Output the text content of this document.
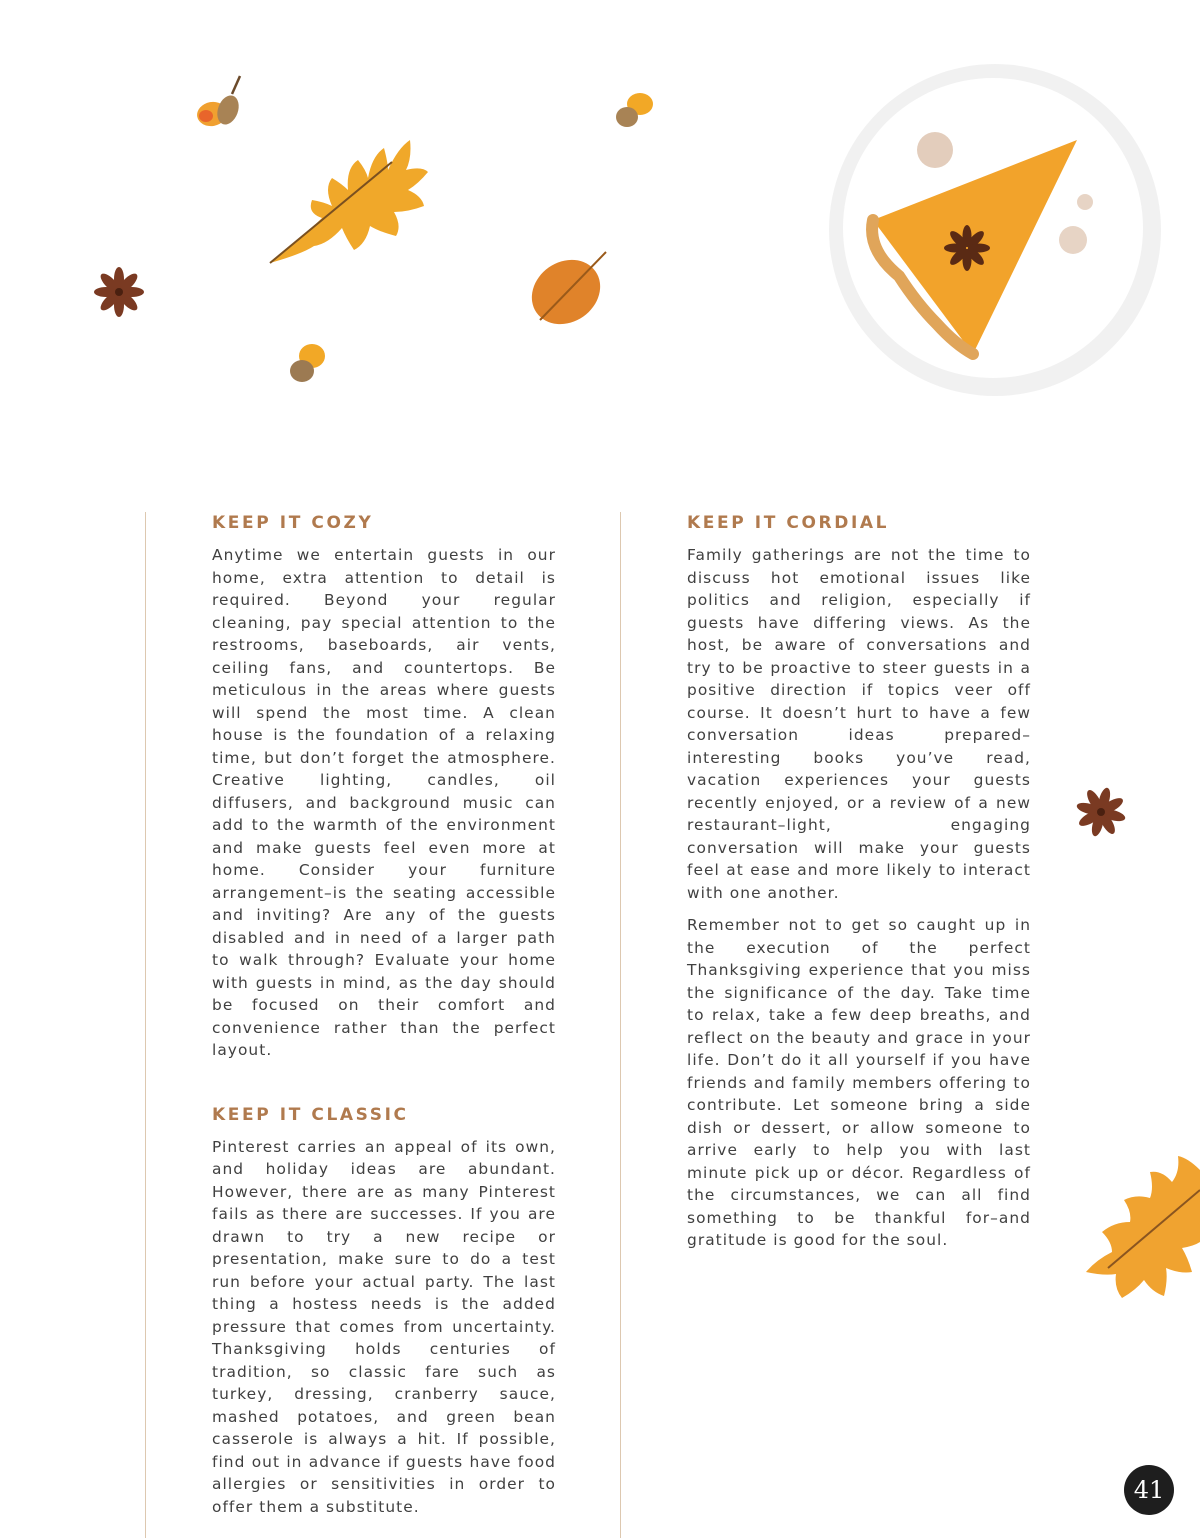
KEEP IT COZY

Anytime we entertain guests in our home, extra attention to detail is required. Beyond your regular cleaning, pay special attention to the restrooms, baseboards, air vents, ceiling fans, and countertops. Be meticulous in the areas where guests will spend the most time. A clean house is the foundation of a relaxing time, but don’t forget the atmosphere. Creative lighting, candles, oil diffusers, and background music can add to the warmth of the environment and make guests feel even more at home. Consider your furniture arrangement–is the seating accessible and inviting? Are any of the guests disabled and in need of a larger path to walk through? Evaluate your home with guests in mind, as the day should be focused on their comfort and convenience rather than the perfect layout.

KEEP IT CLASSIC

Pinterest carries an appeal of its own, and holiday ideas are abundant. However, there are as many Pinterest fails as there are successes. If you are drawn to try a new recipe or presentation, make sure to do a test run before your actual party. The last thing a hostess needs is the added pressure that comes from uncertainty. Thanksgiving holds centuries of tradition, so classic fare such as turkey, dressing, cranberry sauce, mashed potatoes, and green bean casserole is always a hit. If possible, find out in advance if guests have food allergies or sensitivities in order to offer them a substitute.

KEEP IT CORDIAL

Family gatherings are not the time to discuss hot emotional issues like politics and religion, especially if guests have differing views. As the host, be aware of conversations and try to be proactive to steer guests in a positive direction if topics veer off course. It doesn’t hurt to have a few conversation ideas prepared–interesting books you’ve read, vacation experiences your guests recently enjoyed, or a review of a new restaurant–light, engaging conversation will make your guests feel at ease and more likely to interact with one another.

Remember not to get so caught up in the execution of the perfect Thanksgiving experience that you miss the significance of the day. Take time to relax, take a few deep breaths, and reflect on the beauty and grace in your life. Don’t do it all yourself if you have friends and family members offering to contribute. Let someone bring a side dish or dessert, or allow someone to arrive early to help you with last minute pick up or décor. Regardless of the circumstances, we can all find something to be thankful for–and gratitude is good for the soul.

41
